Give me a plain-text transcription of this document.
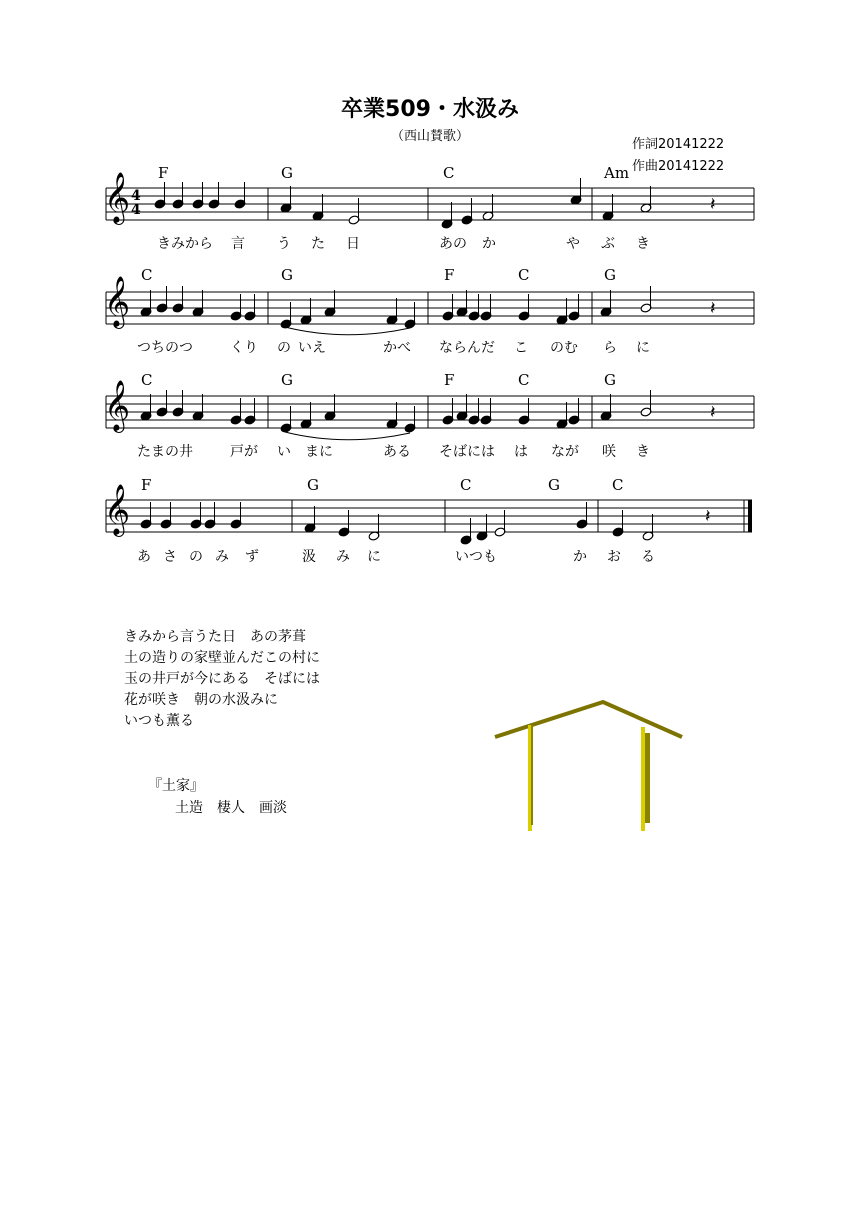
卒業509・水汲み
（西山賛歌）
作詞20141222
作曲20141222
F	G	C	Am
C	G	F	C	G
C	G	F	C	G
F	G	C	G	C
𝄽
𝄽
𝄽
𝄽
𝄞
𝄞
𝄞
𝄞
4
4
きみから 言 う た 日	あの か	や ぶ き
つちのつ	くり の いえ	かべ ならんだ こ のむ ら に
たまの井	戸が い まに	ある そばには は なが 咲 き
あ さ の み ず	汲 み に	いつも	か お る
きみから言うた日　あの茅葺
土の造りの家壁並んだこの村に
玉の井戸が今にある　そばには
花が咲き　朝の水汲みに
いつも薫る
『土家』
土造　棲人　画淡
